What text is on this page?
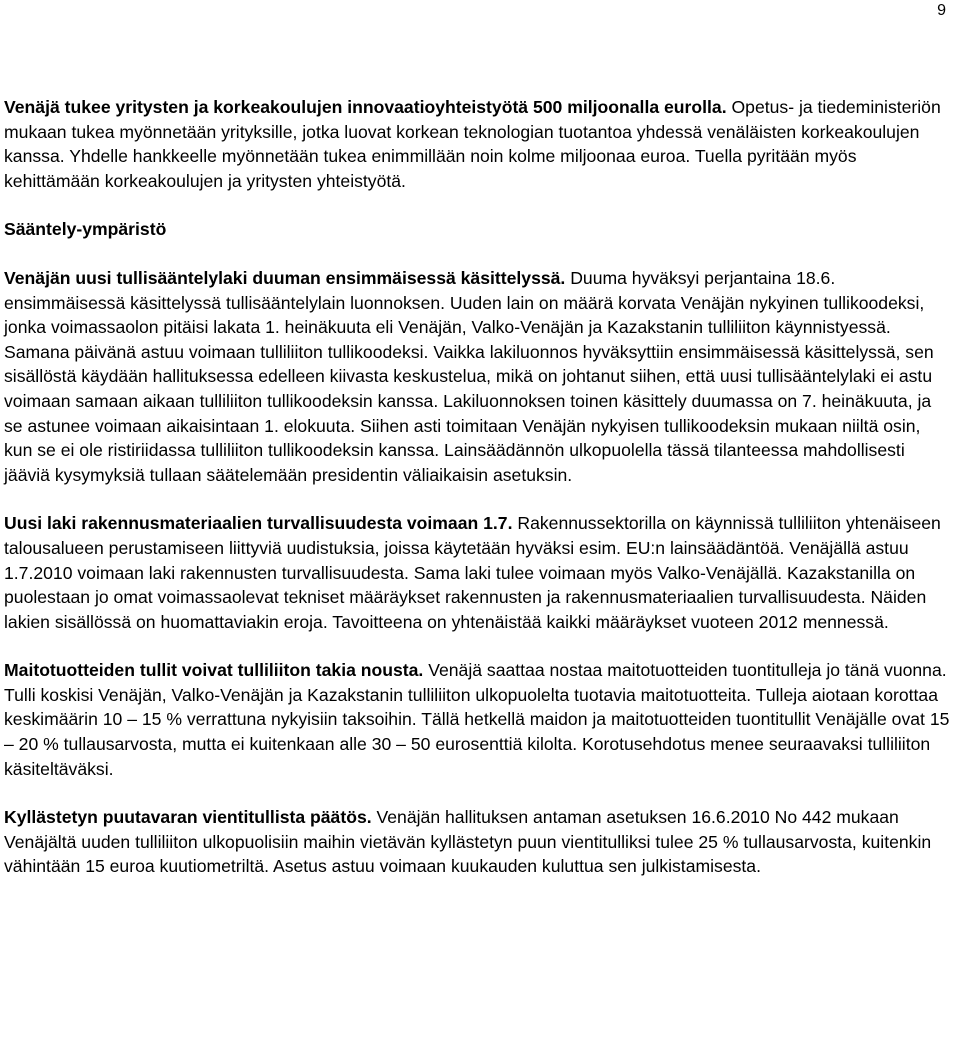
9

Venäjä tukee yritysten ja korkeakoulujen innovaatioyhteistyötä 500 miljoonalla eurolla. Opetus- ja tiedeministeriön mukaan tukea myönnetään yrityksille, jotka luovat korkean teknologian tuotantoa yhdessä venäläisten korkeakoulujen kanssa. Yhdelle hankkeelle myönnetään tukea enimmillään noin kolme miljoonaa euroa. Tuella pyritään myös kehittämään korkeakoulujen ja yritysten yhteistyötä.

Sääntely-ympäristö

Venäjän uusi tullisääntelylaki duuman ensimmäisessä käsittelyssä. Duuma hyväksyi perjantaina 18.6. ensimmäisessä käsittelyssä tullisääntelylain luonnoksen. Uuden lain on määrä korvata Venäjän nykyinen tullikoodeksi, jonka voimassaolon pitäisi lakata 1. heinäkuuta eli Venäjän, Valko-Venäjän ja Kazakstanin tulliliiton käynnistyessä. Samana päivänä astuu voimaan tulliliiton tullikoodeksi. Vaikka lakiluonnos hyväksyttiin ensimmäisessä käsittelyssä, sen sisällöstä käydään hallituksessa edelleen kiivasta keskustelua, mikä on johtanut siihen, että uusi tullisääntelylaki ei astu voimaan samaan aikaan tulliliiton tullikoodeksin kanssa. Lakiluonnoksen toinen käsittely duumassa on 7. heinäkuuta, ja se astunee voimaan aikaisintaan 1. elokuuta. Siihen asti toimitaan Venäjän nykyisen tullikoodeksin mukaan niiltä osin, kun se ei ole ristiriidassa tulliliiton tullikoodeksin kanssa. Lainsäädännön ulkopuolella tässä tilanteessa mahdollisesti jääviä kysymyksiä tullaan säätelemään presidentin väliaikaisin asetuksin.

Uusi laki rakennusmateriaalien turvallisuudesta voimaan 1.7. Rakennussektorilla on käynnissä tulliliiton yhtenäiseen talousalueen perustamiseen liittyviä uudistuksia, joissa käytetään hyväksi esim. EU:n lainsäädäntöä. Venäjällä astuu 1.7.2010 voimaan laki rakennusten turvallisuudesta. Sama laki tulee voimaan myös Valko-Venäjällä. Kazakstanilla on puolestaan jo omat voimassaolevat tekniset määräykset rakennusten ja rakennusmateriaalien turvallisuudesta. Näiden lakien sisällössä on huomattaviakin eroja. Tavoitteena on yhtenäistää kaikki määräykset vuoteen 2012 mennessä.

Maitotuotteiden tullit voivat tulliliiton takia nousta. Venäjä saattaa nostaa maitotuotteiden tuontitulleja jo tänä vuonna. Tulli koskisi Venäjän, Valko-Venäjän ja Kazakstanin tulliliiton ulkopuolelta tuotavia maitotuotteita. Tulleja aiotaan korottaa keskimäärin 10 – 15 % verrattuna nykyisiin taksoihin. Tällä hetkellä maidon ja maitotuotteiden tuontitullit Venäjälle ovat 15 – 20 % tullausarvosta, mutta ei kuitenkaan alle 30 – 50 eurosenttiä kilolta. Korotusehdotus menee seuraavaksi tulliliiton käsiteltäväksi.

Kyllästetyn puutavaran vientitullista päätös. Venäjän hallituksen antaman asetuksen 16.6.2010 No 442 mukaan Venäjältä uuden tulliliiton ulkopuolisiin maihin vietävän kyllästetyn puun vientitulliksi tulee 25 % tullausarvosta, kuitenkin vähintään 15 euroa kuutiometriltä. Asetus astuu voimaan kuukauden kuluttua sen julkistamisesta.
